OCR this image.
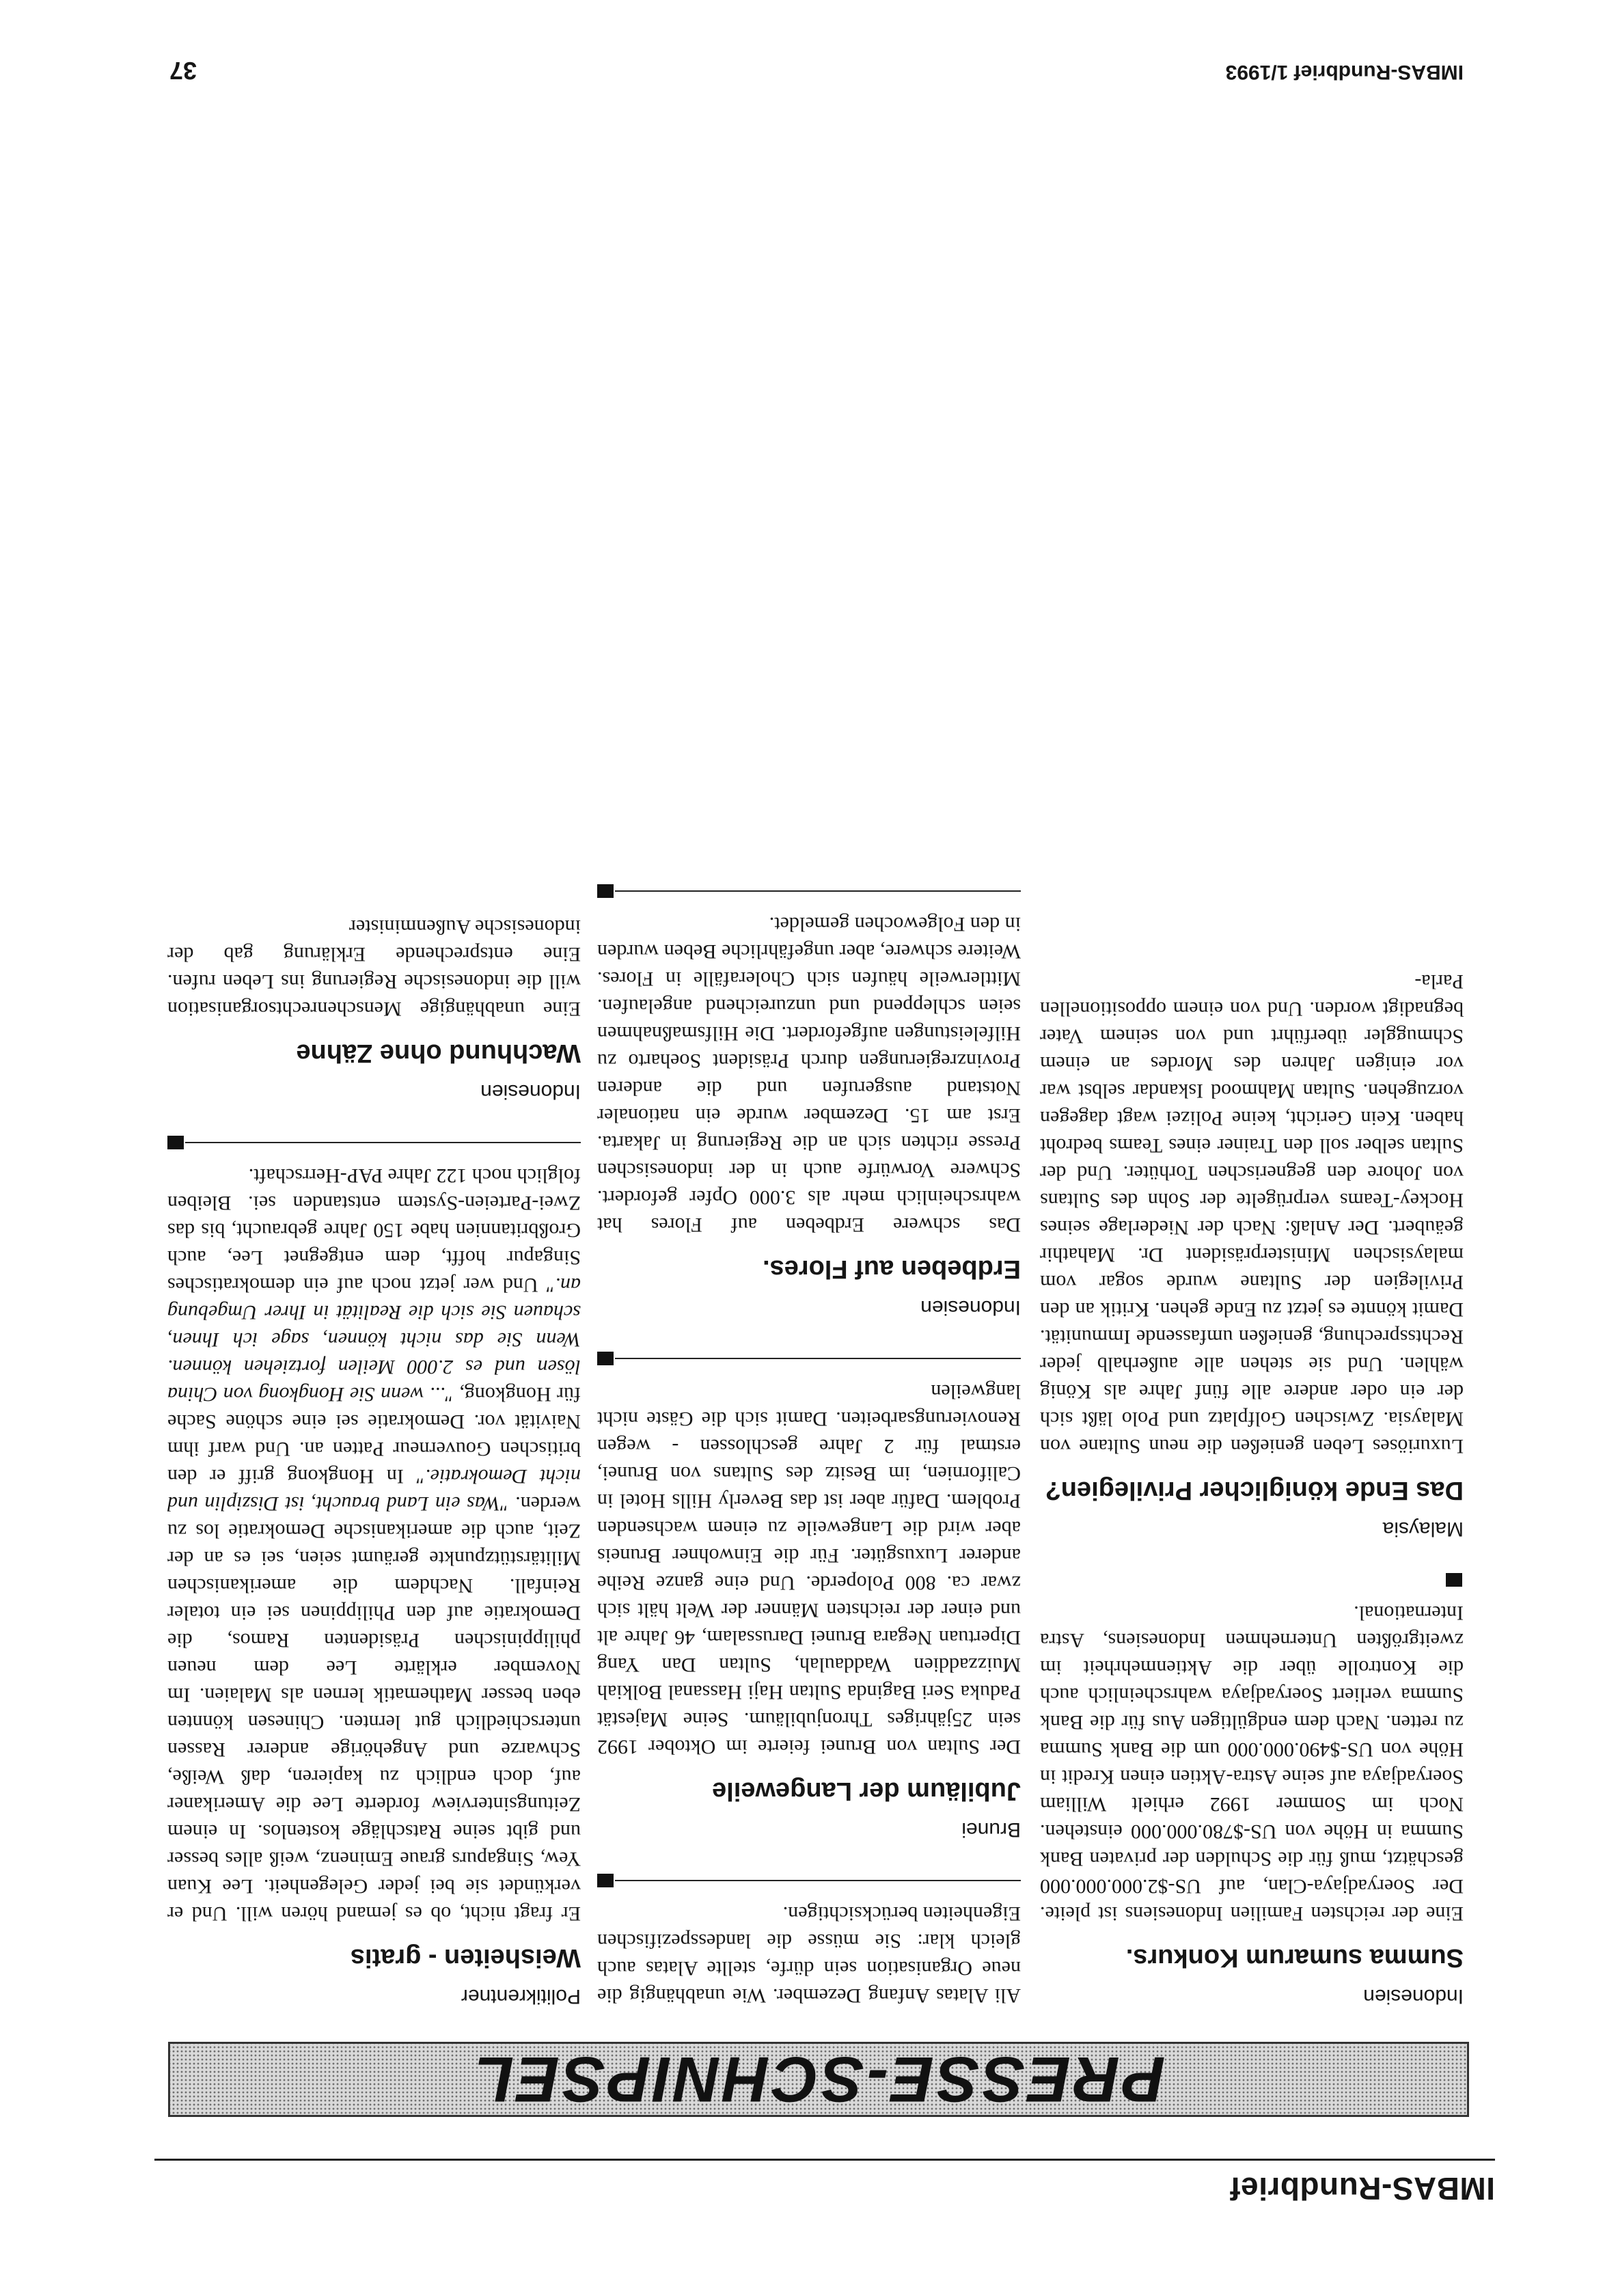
IMBAS-Rundbrief
PRESSE-SCHNIPSEL
Indonesien
Summa sumarum Konkurs.

Eine der reichsten Familien Indonesiens ist pleite. Der Soeryadjaya-Clan, auf US-$2.000.000.000 geschätzt, muß für die Schulden der privaten Bank Summa in Höhe von US-$780.000.000 einstehen. Noch im Sommer 1992 erhielt William Soeryadjaya auf seine Astra-Aktien einen Kredit in Höhe von US-$490.000.000 um die Bank Summa zu retten. Nach dem endgültigen Aus für die Bank Summa verliert Soeryadjaya wahrscheinlich auch die Kontrolle über die Aktienmehrheit im zweitgrößten Unternehmen Indonesiens, Astra International.

Malaysia
Das Ende königlicher Privilegien?

Luxuriöses Leben genießen die neun Sultane von Malaysia. Zwischen Golfplatz und Polo läßt sich der ein oder andere alle fünf Jahre als König wählen. Und sie stehen alle außerhalb jeder Rechtssprechung, genießen umfassende Immunität. Damit könnte es jetzt zu Ende gehen. Kritik an den Privilegien der Sultane wurde sogar vom malaysischen Ministerpräsident Dr. Mahathir geäubert. Der Anlaß: Nach der Niederlage seines Hockey-Teams verprügelte der Sohn des Sultans von Johore den gegnerischen Torhüter. Und der Sultan selber soll den Trainer eines Teams bedroht haben. Kein Gericht, keine Polizei wagt dagegen vorzugehen. Sultan Mahmood Iskandar selbst war vor einigen Jahren des Mordes an einem Schmuggler überführt und von seinem Vater begnadigt worden. Und von einem oppositionellen Parla-

Ali Alatas Anfang Dezember. Wie unabhängig die neue Organisation sein dürfe, stellte Alatas auch gleich klar: Sie müsse die landesspezifischen Eigenheiten berücksichtigen.

Brunei
Jubiläum der Langeweile

Der Sultan von Brunei feierte im Oktober 1992 sein 25jähriges Thronjubiläum. Seine Majestät Paduka Seri Baginda Sultan Haji Hassanal Bolkiah Muizzaddien Waddaulah, Sultan Dan Yang Dipertuan Negara Brunei Darussalam, 46 Jahre alt und einer der reichsten Männer der Welt hält sich zwar ca. 800 Poloperde. Und eine ganze Reihe anderer Luxusgüter. Für die Einwohner Bruneis aber wird die Langeweile zu einem wachsenden Problem. Dafür aber ist das Beverly Hills Hotel in Californien, im Besitz des Sultans von Brunei, erstmal für 2 Jahre geschlossen - wegen Renovierungsarbeiten. Damit sich die Gäste nicht langweilen

Indonesien
Erdbeben auf Flores.

Das schwere Erdbeben auf Flores hat wahrscheinlich mehr als 3.000 Opfer gefordert. Schwere Vorwürfe auch in der indonesischen Presse richten sich an die Regierung in Jakarta. Erst am 15. Dezember wurde ein nationaler Notstand ausgerufen und die anderen Provinzregierungen durch Präsident Soeharto zu Hilfeleistungen aufgefordert. Die Hilfsmaßnahmen seien schleppend und unzureichend angelaufen. Mittlerweile häufen sich Cholerafälle in Flores. Weitere schwere, aber ungefährliche Beben wurden in den Folgewochen gemeldet.

Politikrentner
Weisheiten - gratis

Er fragt nicht, ob es jemand hören will. Und er verkündet sie bei jeder Gelegenheit. Lee Kuan Yew, Singapurs graue Eminenz, weiß alles besser und gibt seine Ratschläge kostenlos. In einem Zeitungsinterview forderte Lee die Amerikaner auf, doch endlich zu kapieren, daß Weiße, Schwarze und Angehörige anderer Rassen unterschiedlich gut lernten. Chinesen könnten eben besser Mathematik lernen als Malaien. Im November erklärte Lee dem neuen philippinischen Präsidenten Ramos, die Demokratie auf den Philippinen sei ein totaler Reinfall. Nachdem die amerikanischen Militärstützpunkte geräumt seien, sei es an der Zeit, auch die amerikanische Demokratie los zu werden. "Was ein Land braucht, ist Disziplin und nicht Demokratie." In Hongkong griff er den britischen Gouverneur Patten an. Und warf ihm Naivität vor. Demokratie sei eine schöne Sache für Hongkong, "... wenn Sie Hongkong von China lösen und es 2.000 Meilen fortziehen können. Wenn Sie das nicht können, sage ich Ihnen, schauen Sie sich die Realität in Ihrer Umgebung an." Und wer jetzt noch auf ein demokratisches Singapur hofft, dem entgegnet Lee, auch Großbritannien habe 150 Jahre gebraucht, bis das Zwei-Parteien-System entstanden sei. Bleiben folglich noch 122 Jahre PAP-Herrschaft.

Indonesien
Wachhund ohne Zähne

Eine unabhängige Menschenrechtsorganisation will die indonesische Regierung ins Leben rufen. Eine entsprechende Erklärung gab der indonesische Außenminister

IMBAS-Rundbrief 1/1993
37
